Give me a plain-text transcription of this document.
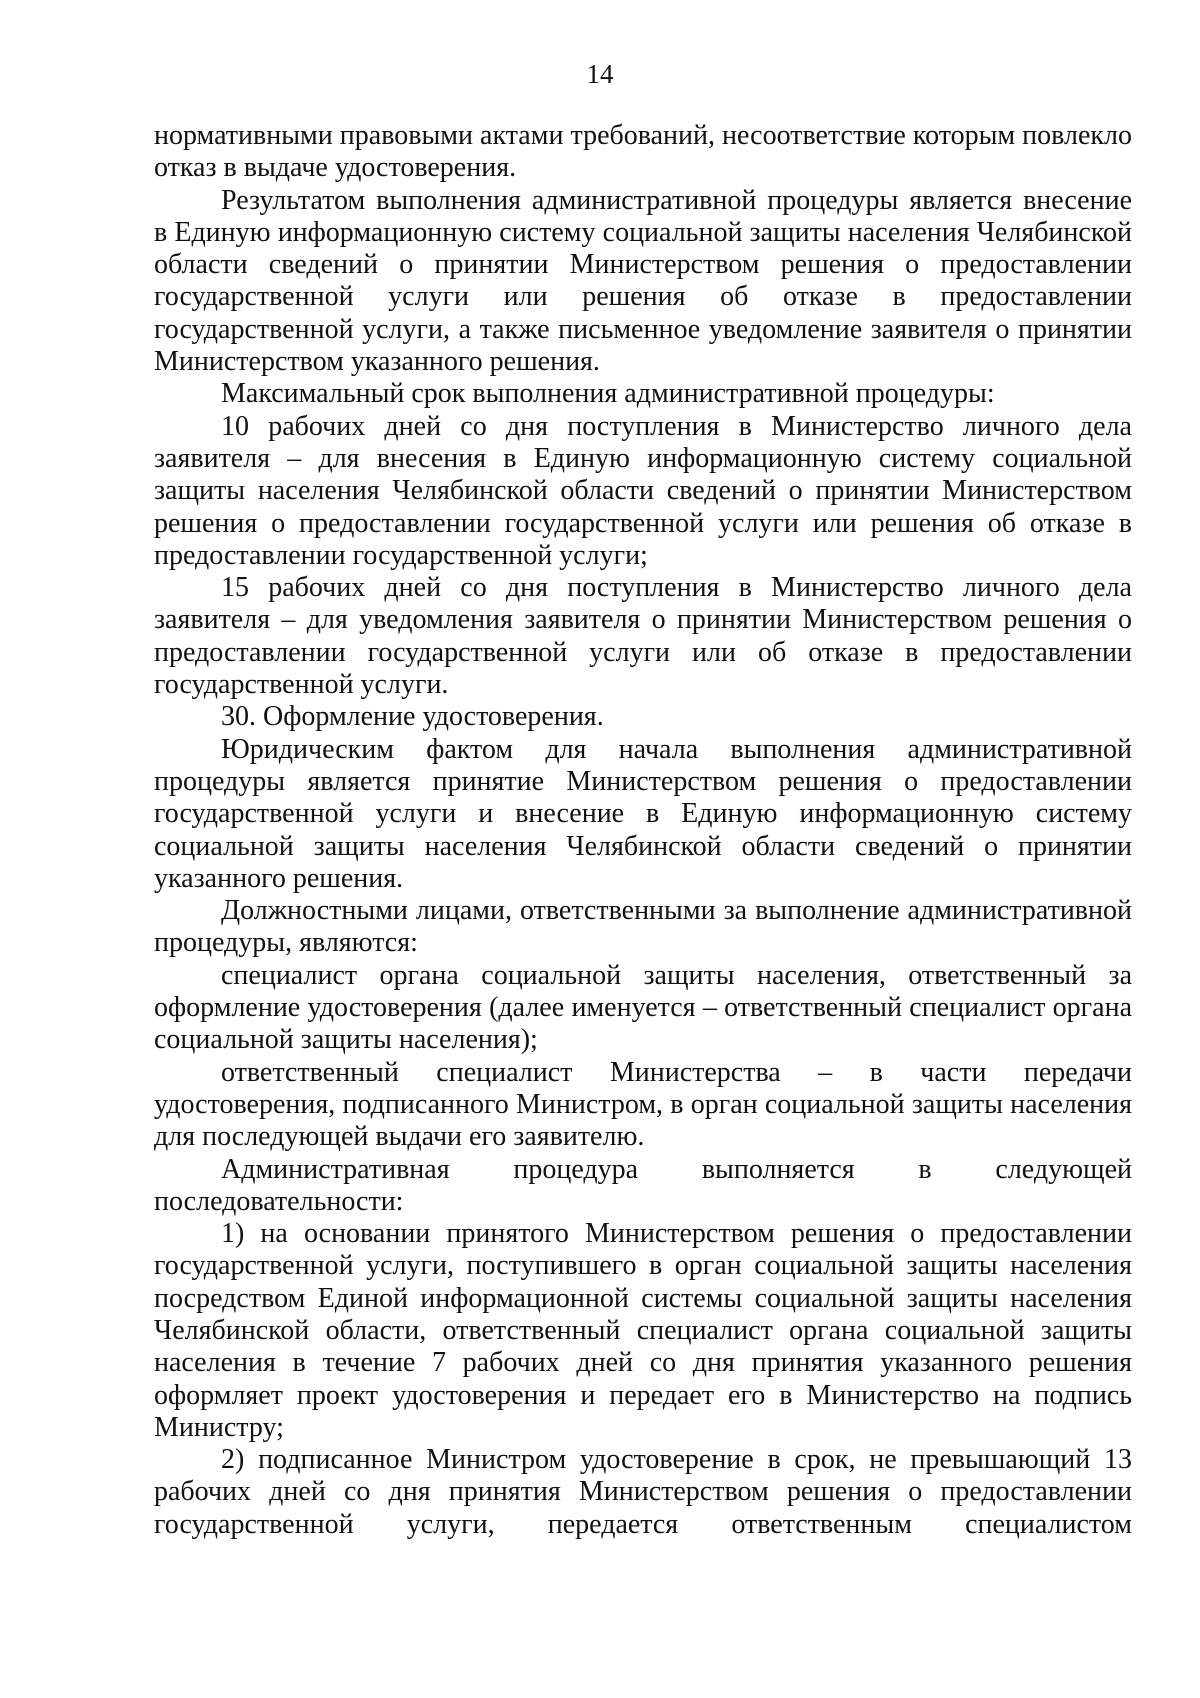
14

нормативными правовыми актами требований, несоответствие которым повлекло отказ в выдаче удостоверения.

Результатом выполнения административной процедуры является внесение в Единую информационную систему социальной защиты населения Челябинской области сведений о принятии Министерством решения о предоставлении государственной услуги или решения об отказе в предоставлении государственной услуги, а также письменное уведомление заявителя о принятии Министерством указанного решения.

Максимальный срок выполнения административной процедуры:

10 рабочих дней со дня поступления в Министерство личного дела заявителя – для внесения в Единую информационную систему социальной защиты населения Челябинской области сведений о принятии Министерством решения о предоставлении государственной услуги или решения об отказе в предоставлении государственной услуги;

15 рабочих дней со дня поступления в Министерство личного дела заявителя – для уведомления заявителя о принятии Министерством решения о предоставлении государственной услуги или об отказе в предоставлении государственной услуги.

30. Оформление удостоверения.

Юридическим фактом для начала выполнения административной процедуры является принятие Министерством решения о предоставлении государственной услуги и внесение в Единую информационную систему социальной защиты населения Челябинской области сведений о принятии указанного решения.

Должностными лицами, ответственными за выполнение административной процедуры, являются:

специалист органа социальной защиты населения, ответственный за оформление удостоверения (далее именуется – ответственный специалист органа социальной защиты населения);

ответственный специалист Министерства – в части передачи удостоверения, подписанного Министром, в орган социальной защиты населения для последующей выдачи его заявителю.

Административная процедура выполняется в следующей последовательности:

1) на основании принятого Министерством решения о предоставлении государственной услуги, поступившего в орган социальной защиты населения посредством Единой информационной системы социальной защиты населения Челябинской области, ответственный специалист органа социальной защиты населения в течение 7 рабочих дней со дня принятия указанного решения оформляет проект удостоверения и передает его в Министерство на подпись Министру;

2) подписанное Министром удостоверение в срок, не превышающий 13 рабочих дней со дня принятия Министерством решения о предоставлении государственной услуги, передается ответственным специалистом
